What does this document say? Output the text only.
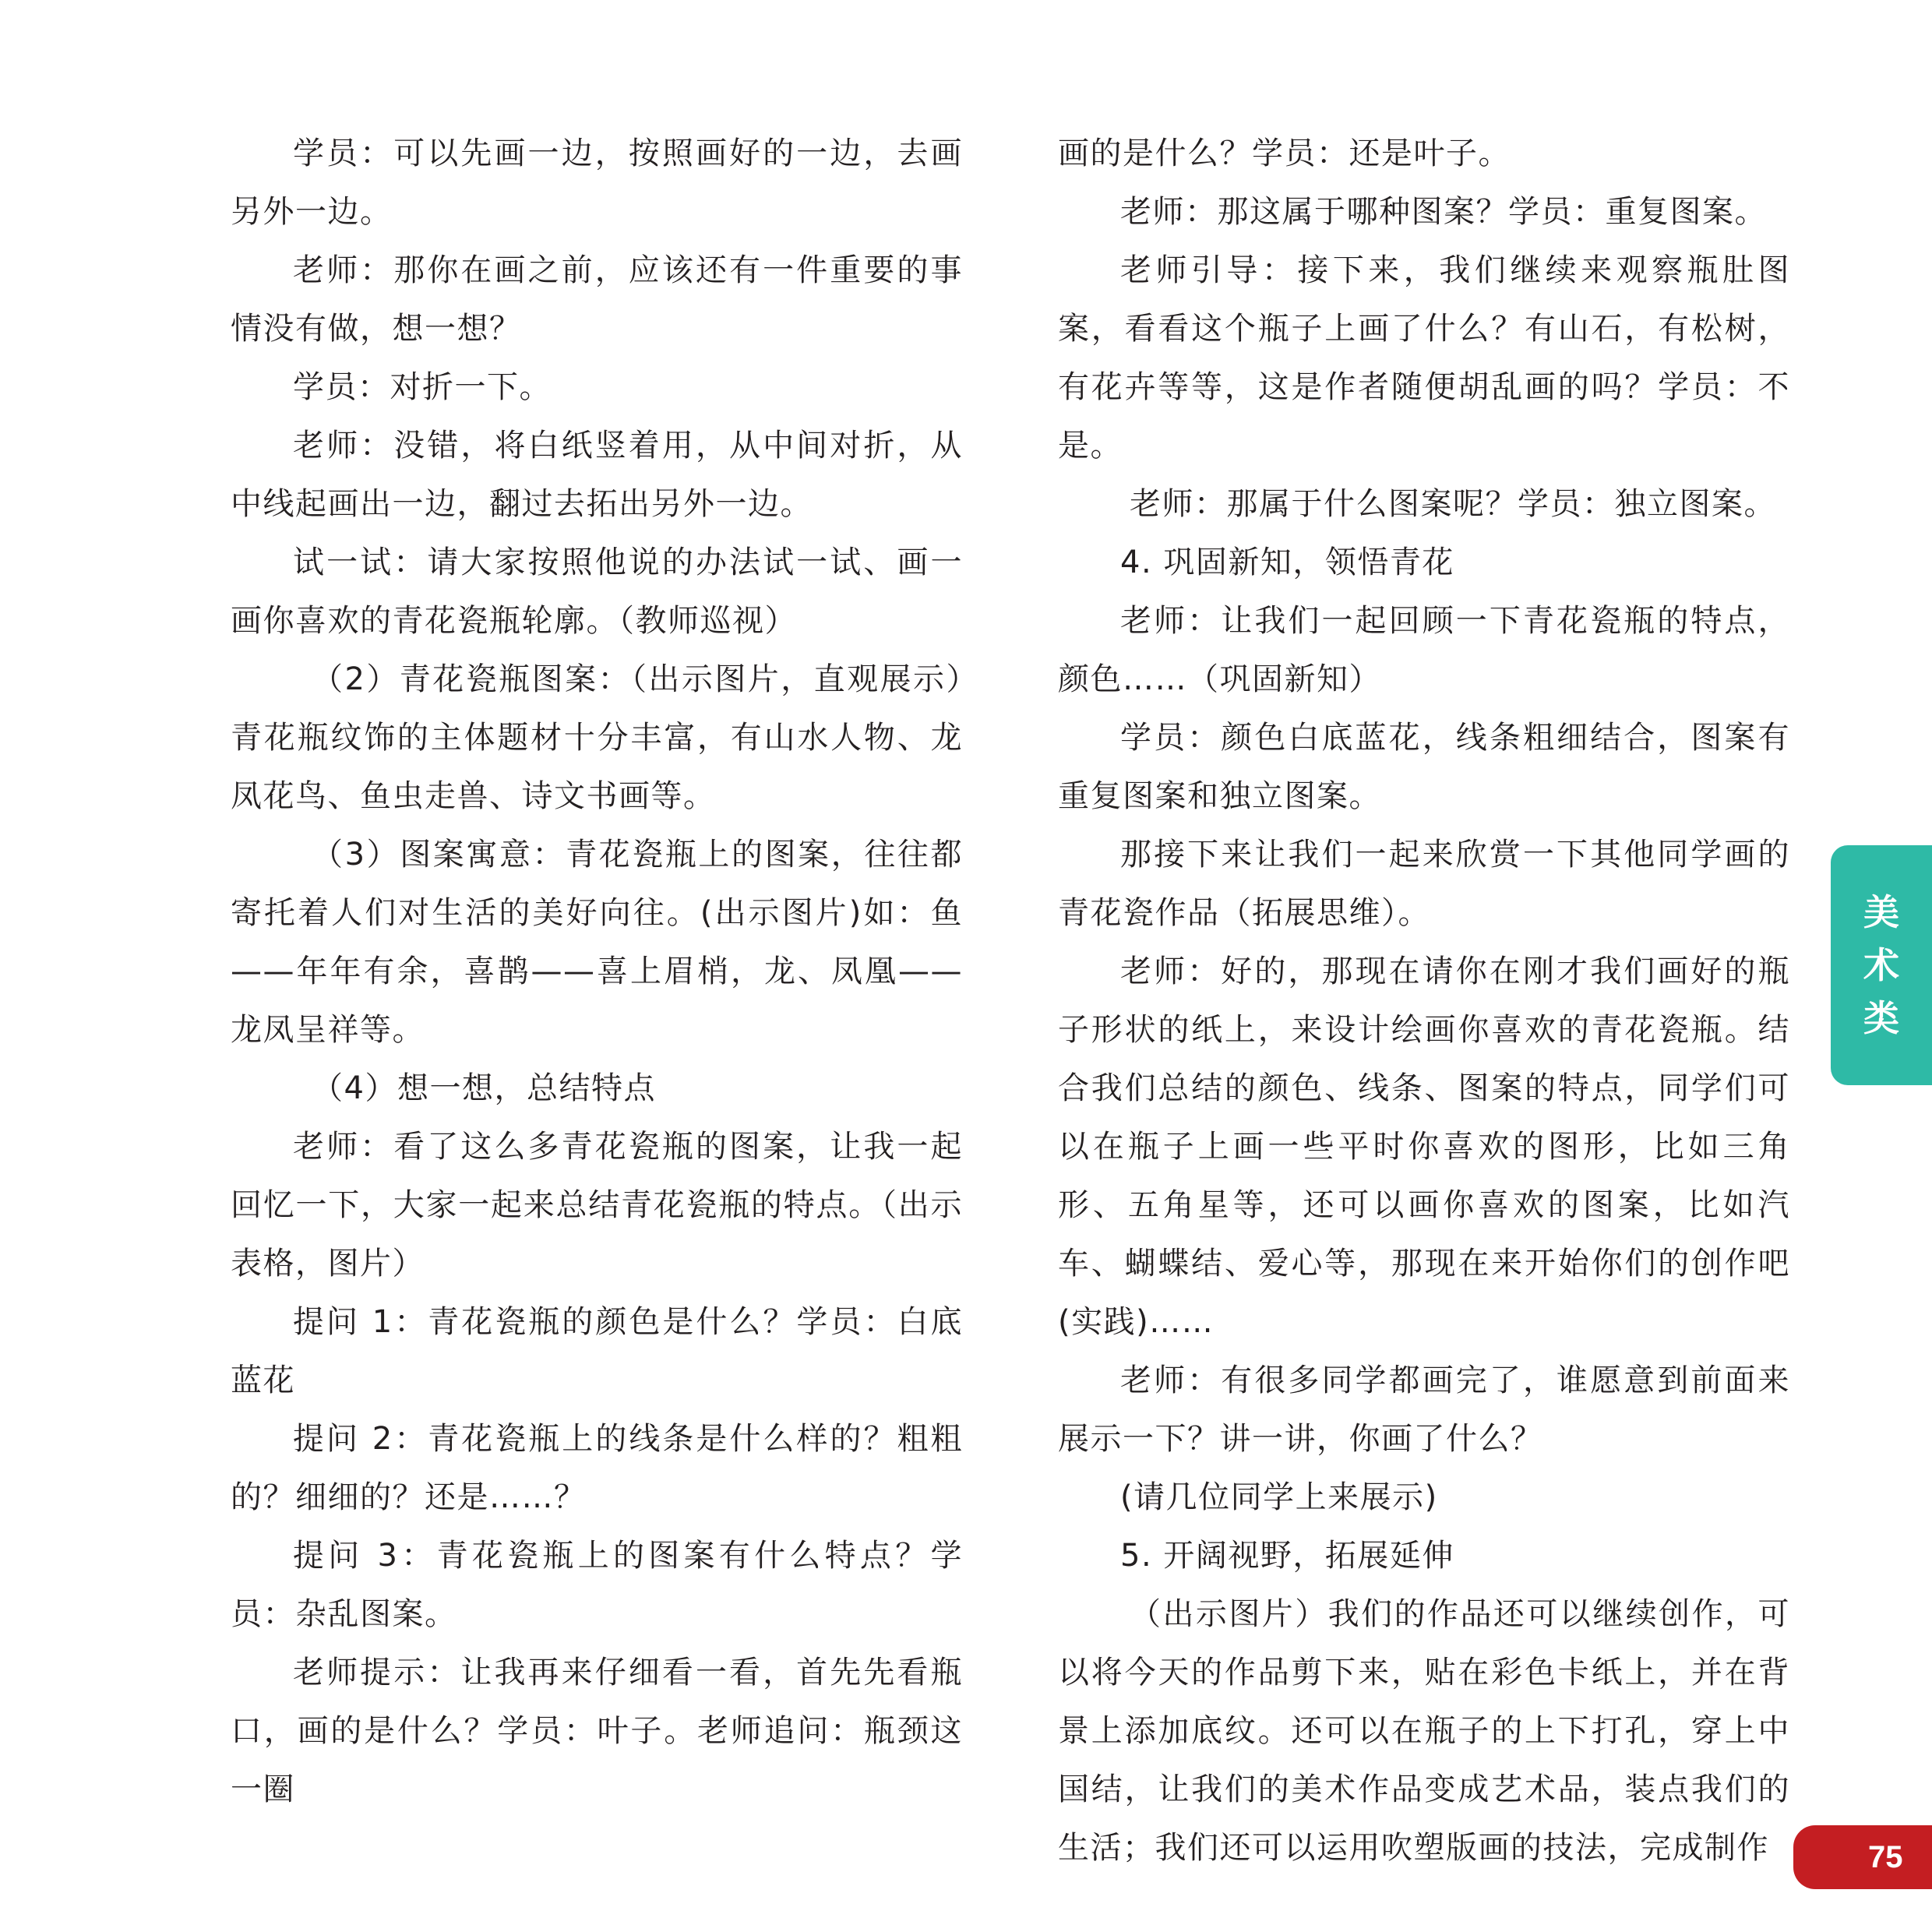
学员：可以先画一边，按照画好的一边，去画另外一边。

老师：那你在画之前，应该还有一件重要的事情没有做，想一想？

学员：对折一下。

老师：没错，将白纸竖着用，从中间对折，从中线起画出一边，翻过去拓出另外一边。

试一试：请大家按照他说的办法试一试、画一画你喜欢的青花瓷瓶轮廓。（教师巡视）

（2）青花瓷瓶图案：（出示图片，直观展示）青花瓶纹饰的主体题材十分丰富，有山水人物、龙凤花鸟、鱼虫走兽、诗文书画等。

（3）图案寓意：青花瓷瓶上的图案，往往都寄托着人们对生活的美好向往。(出示图片)如：鱼——年年有余，喜鹊——喜上眉梢，龙、凤凰——龙凤呈祥等。

（4）想一想，总结特点

老师：看了这么多青花瓷瓶的图案，让我一起回忆一下，大家一起来总结青花瓷瓶的特点。（出示表格，图片）

提问 1：青花瓷瓶的颜色是什么？学员：白底蓝花

提问 2：青花瓷瓶上的线条是什么样的？粗粗的？细细的？还是……？

提问 3：青花瓷瓶上的图案有什么特点？学员：杂乱图案。

老师提示：让我再来仔细看一看，首先先看瓶口，画的是什么？学员：叶子。老师追问：瓶颈这一圈

画的是什么？学员：还是叶子。

老师：那这属于哪种图案？学员：重复图案。

老师引导：接下来，我们继续来观察瓶肚图案，看看这个瓶子上画了什么？有山石，有松树，有花卉等等，这是作者随便胡乱画的吗？学员：不是。

老师：那属于什么图案呢？学员：独立图案。

4. 巩固新知，领悟青花

老师：让我们一起回顾一下青花瓷瓶的特点，颜色……（巩固新知）

学员：颜色白底蓝花，线条粗细结合，图案有重复图案和独立图案。

那接下来让我们一起来欣赏一下其他同学画的青花瓷作品（拓展思维）。

老师：好的，那现在请你在刚才我们画好的瓶子形状的纸上，来设计绘画你喜欢的青花瓷瓶。结合我们总结的颜色、线条、图案的特点，同学们可以在瓶子上画一些平时你喜欢的图形，比如三角形、五角星等，还可以画你喜欢的图案，比如汽车、蝴蝶结、爱心等，那现在来开始你们的创作吧(实践)……

老师：有很多同学都画完了，谁愿意到前面来展示一下？讲一讲，你画了什么？

(请几位同学上来展示)

5. 开阔视野，拓展延伸

（出示图片）我们的作品还可以继续创作，可以将今天的作品剪下来，贴在彩色卡纸上，并在背景上添加底纹。还可以在瓶子的上下打孔，穿上中国结，让我们的美术作品变成艺术品，装点我们的生活；我们还可以运用吹塑版画的技法，完成制作

美
术
类
75
